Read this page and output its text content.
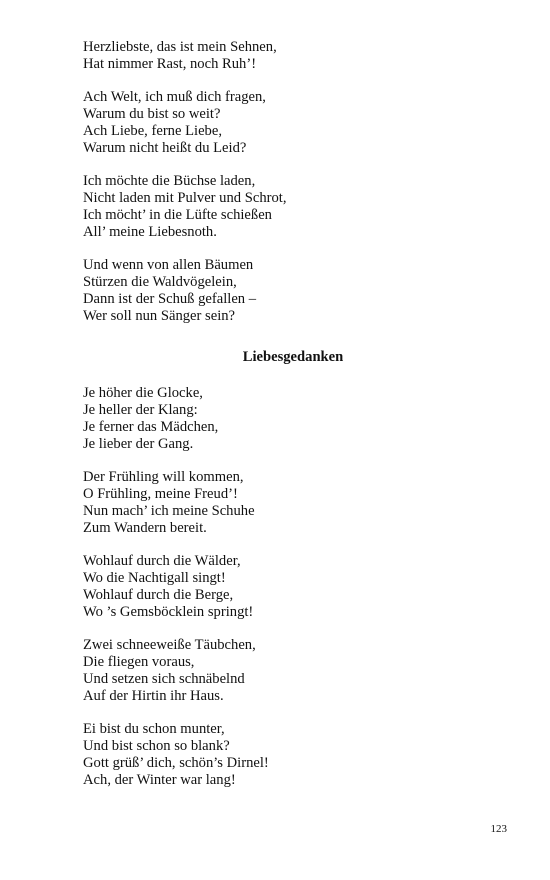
Herzliebste, das ist mein Sehnen,
Hat nimmer Rast, noch Ruh’!
Ach Welt, ich muß dich fragen,
Warum du bist so weit?
Ach Liebe, ferne Liebe,
Warum nicht heißt du Leid?
Ich möchte die Büchse laden,
Nicht laden mit Pulver und Schrot,
Ich möcht’ in die Lüfte schießen
All’ meine Liebesnoth.
Und wenn von allen Bäumen
Stürzen die Waldvögelein,
Dann ist der Schuß gefallen –
Wer soll nun Sänger sein?
Liebesgedanken
Je höher die Glocke,
Je heller der Klang:
Je ferner das Mädchen,
Je lieber der Gang.
Der Frühling will kommen,
O Frühling, meine Freud’!
Nun mach’ ich meine Schuhe
Zum Wandern bereit.
Wohlauf durch die Wälder,
Wo die Nachtigall singt!
Wohlauf durch die Berge,
Wo ’s Gemsböcklein springt!
Zwei schneeweiße Täubchen,
Die fliegen voraus,
Und setzen sich schnäbelnd
Auf der Hirtin ihr Haus.
Ei bist du schon munter,
Und bist schon so blank?
Gott grüß’ dich, schön’s Dirnel!
Ach, der Winter war lang!
123
